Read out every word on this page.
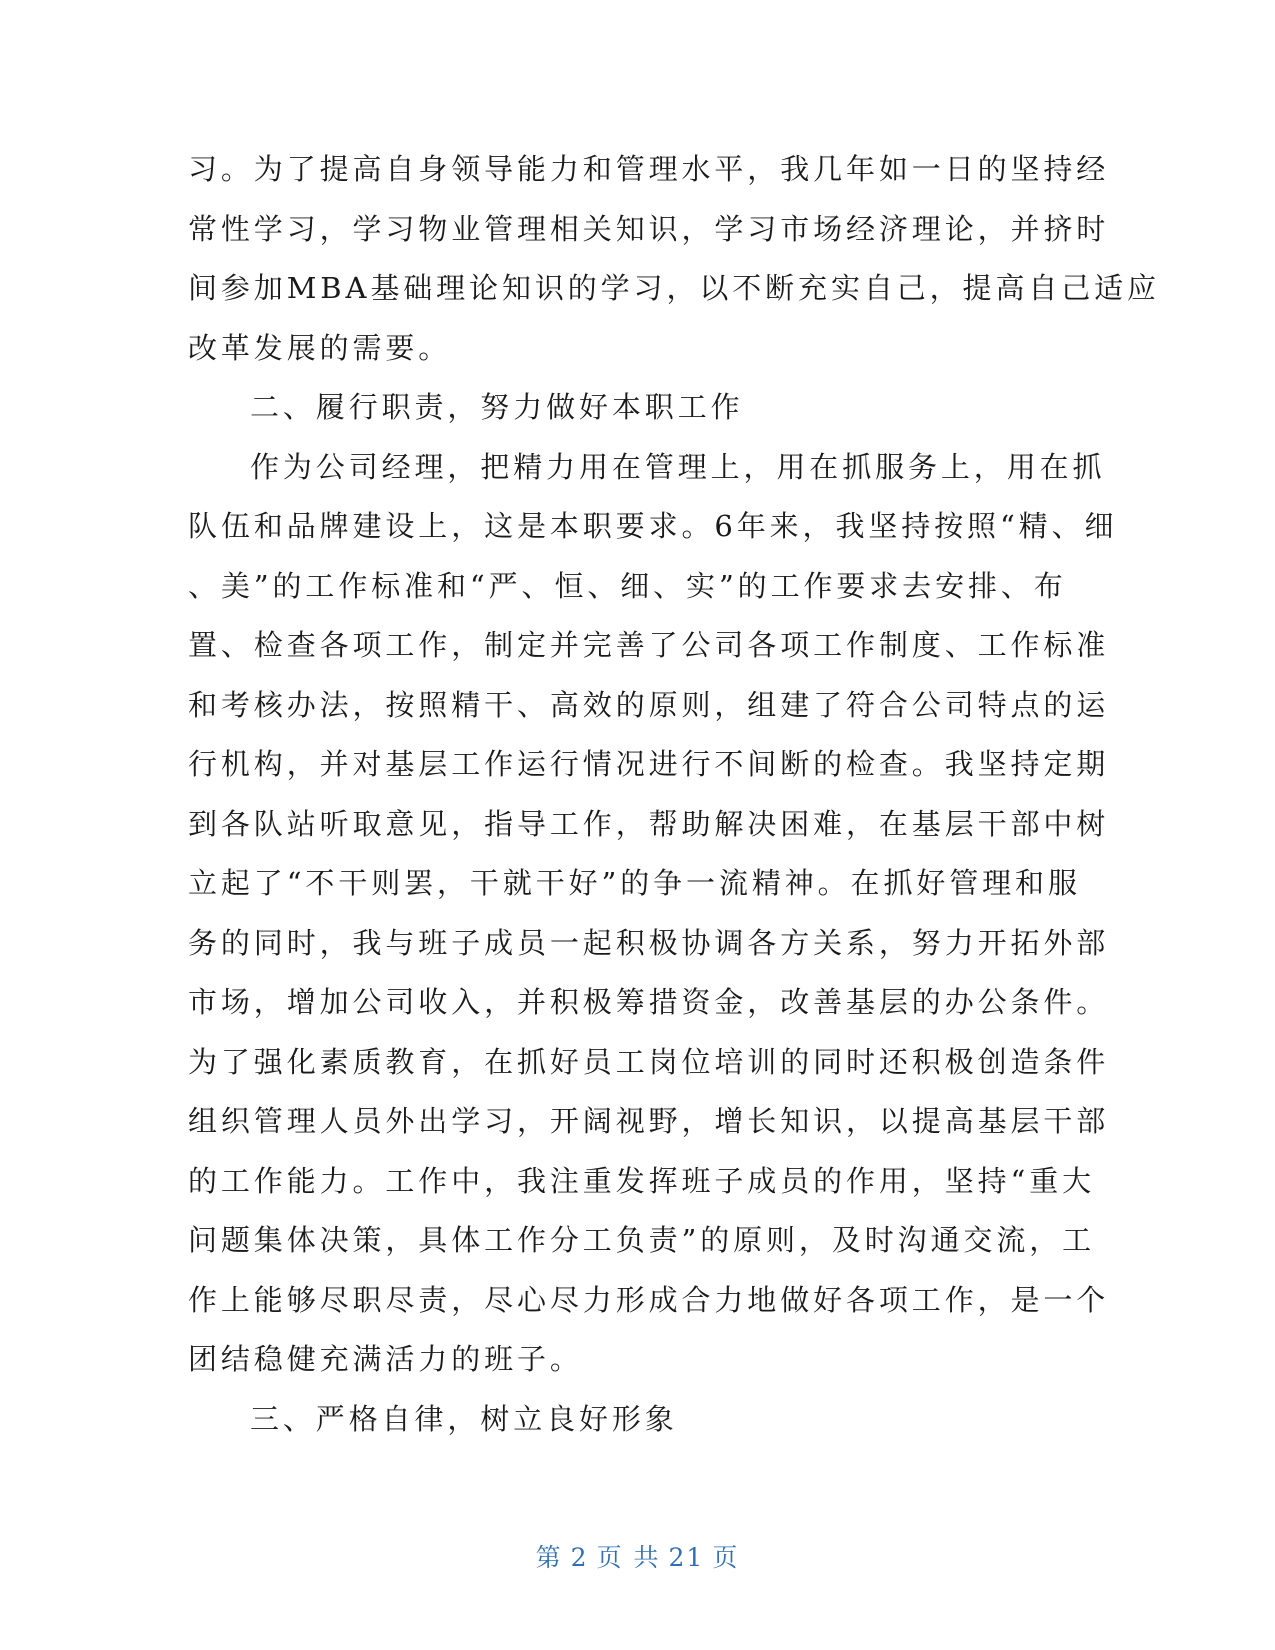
习。为了提高自身领导能力和管理水平，我几年如一日的坚持经
常性学习，学习物业管理相关知识，学习市场经济理论，并挤时
间参加MBA基础理论知识的学习，以不断充实自己，提高自己适应
改革发展的需要。
二、履行职责，努力做好本职工作
作为公司经理，把精力用在管理上，用在抓服务上，用在抓
队伍和品牌建设上，这是本职要求。6年来，我坚持按照“精、细
、美”的工作标准和“严、恒、细、实”的工作要求去安排、布
置、检查各项工作，制定并完善了公司各项工作制度、工作标准
和考核办法，按照精干、高效的原则，组建了符合公司特点的运
行机构，并对基层工作运行情况进行不间断的检查。我坚持定期
到各队站听取意见，指导工作，帮助解决困难，在基层干部中树
立起了“不干则罢，干就干好”的争一流精神。在抓好管理和服
务的同时，我与班子成员一起积极协调各方关系，努力开拓外部
市场，增加公司收入，并积极筹措资金，改善基层的办公条件。
为了强化素质教育，在抓好员工岗位培训的同时还积极创造条件
组织管理人员外出学习，开阔视野，增长知识，以提高基层干部
的工作能力。工作中，我注重发挥班子成员的作用，坚持“重大
问题集体决策，具体工作分工负责”的原则，及时沟通交流，工
作上能够尽职尽责，尽心尽力形成合力地做好各项工作，是一个
团结稳健充满活力的班子。
三、严格自律，树立良好形象
第 2 页 共 21 页
